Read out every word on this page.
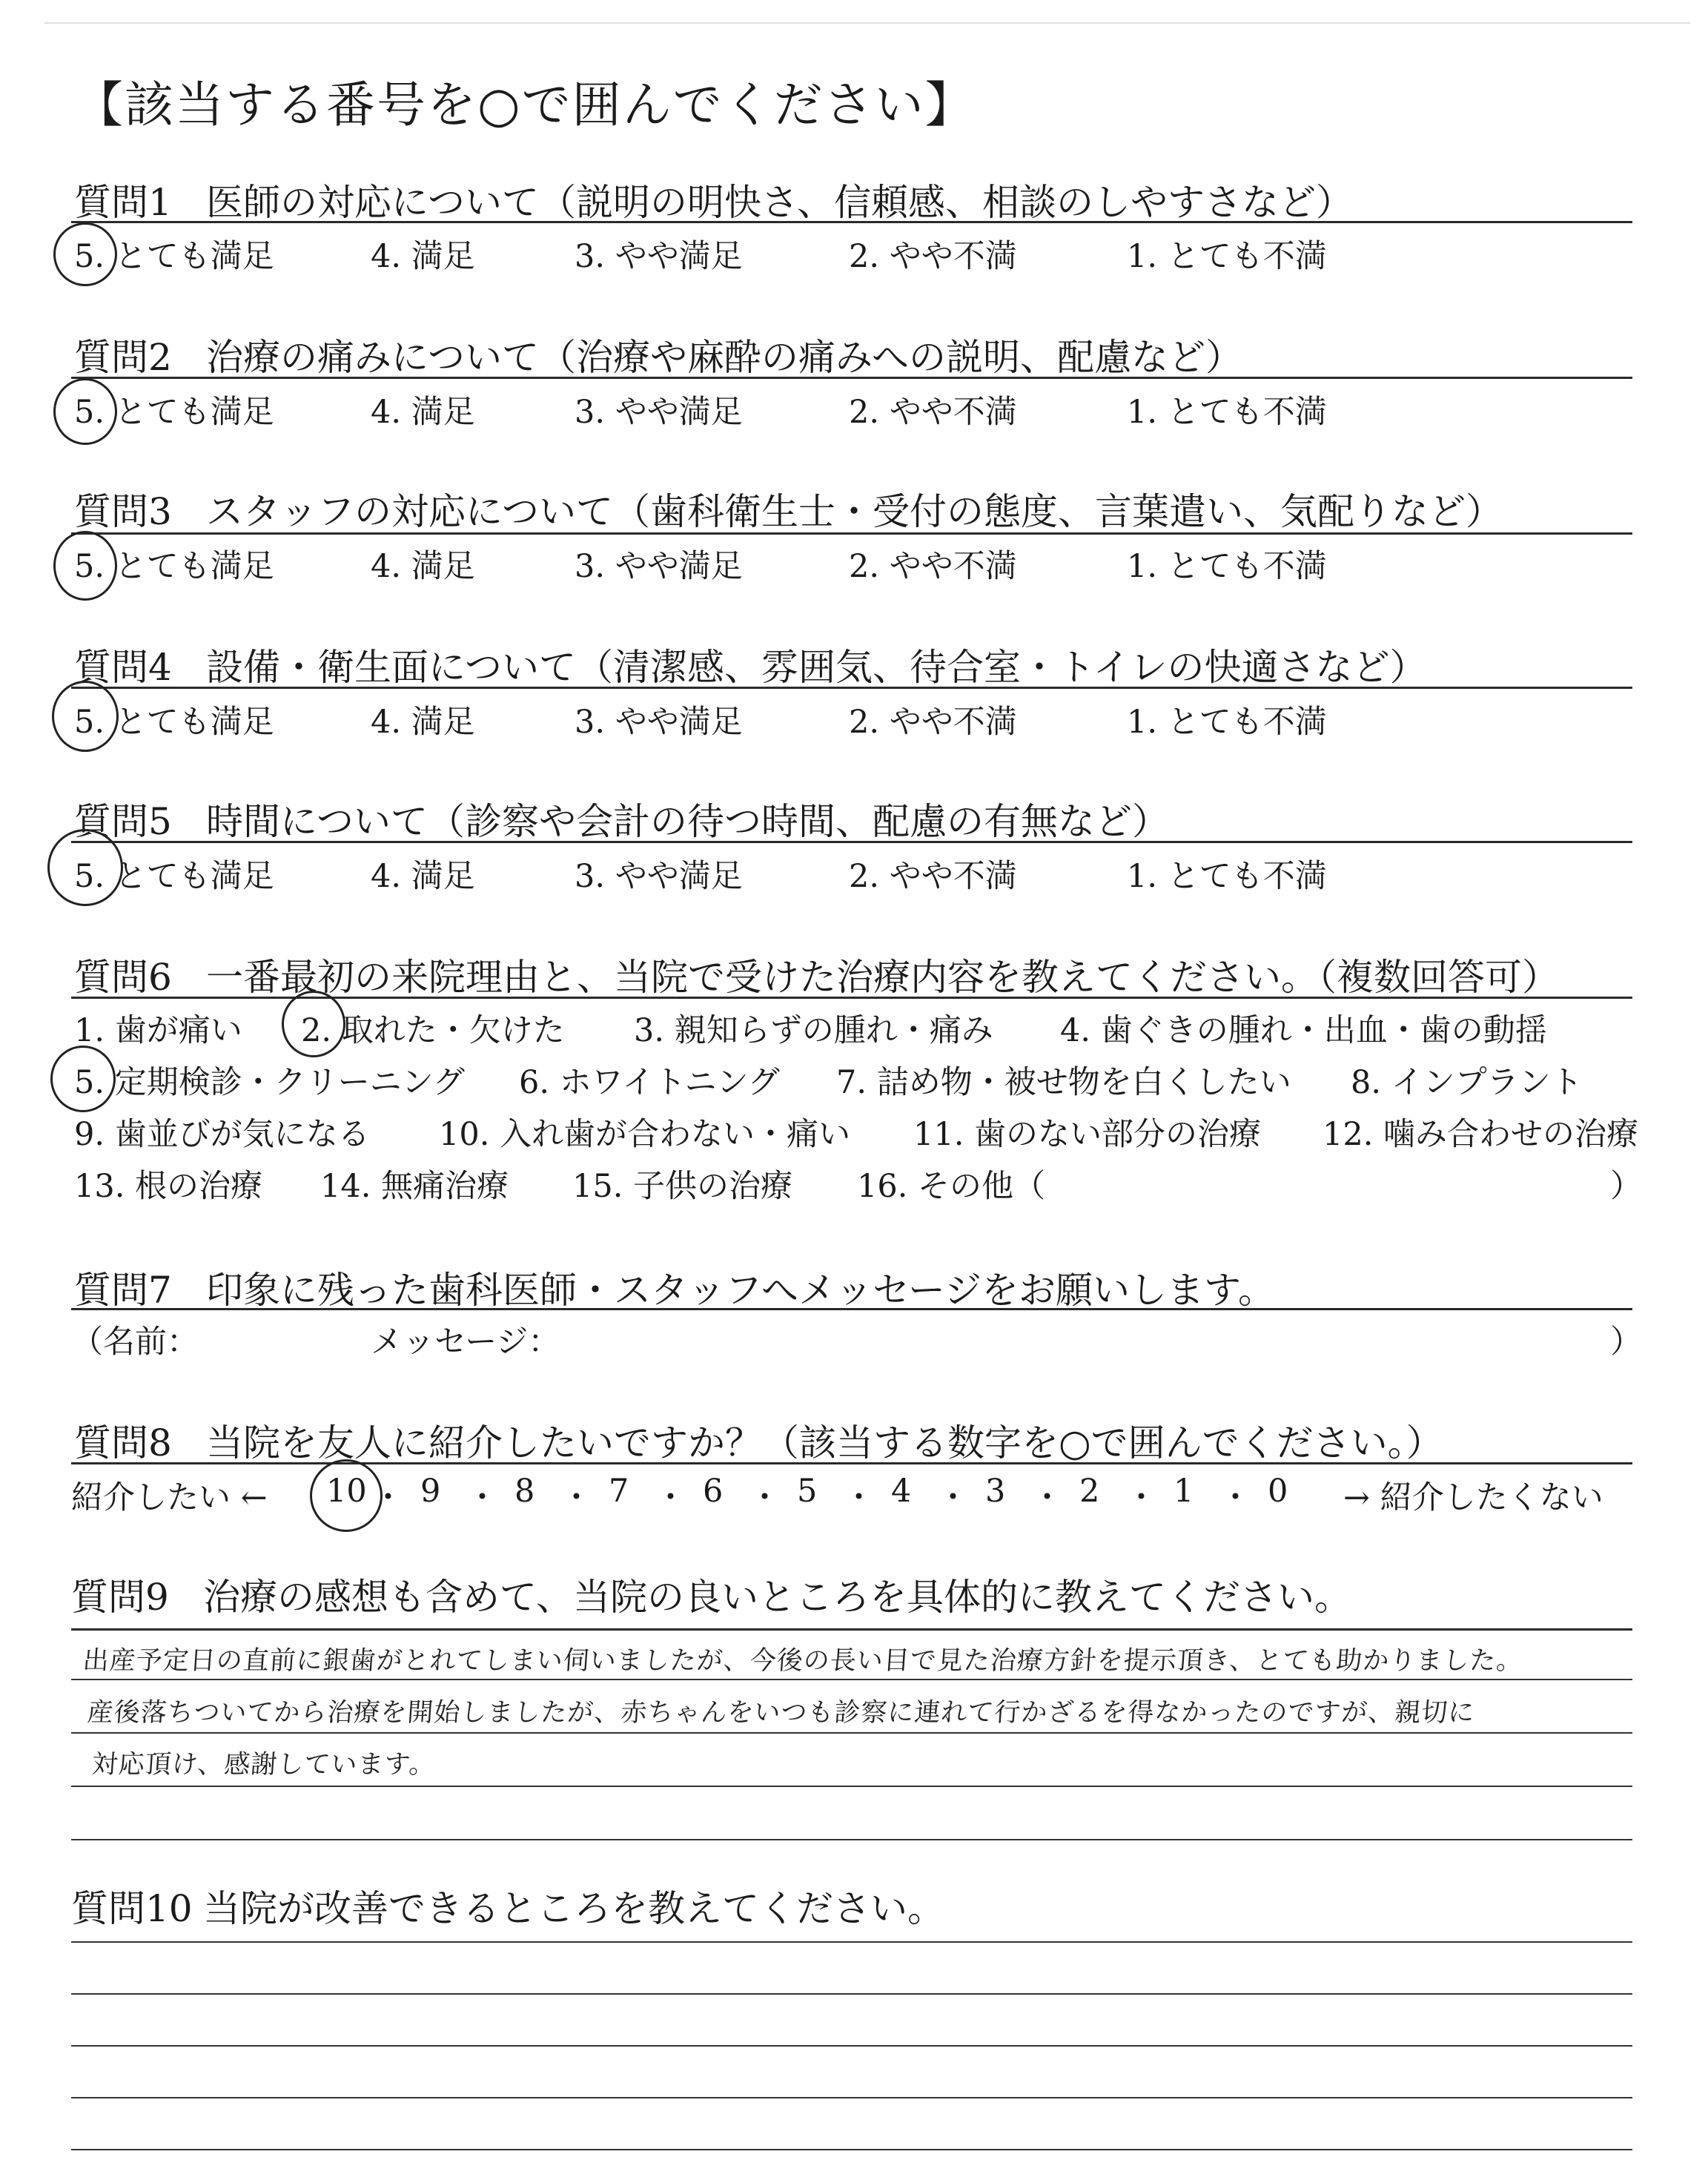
【該当する番号を○で囲んでください】
質問1 医師の対応について（説明の明快さ、信頼感、相談のしやすさなど）
5. とても満足	4. 満足	3. やや満足	2. やや不満	1. とても不満
質問2 治療の痛みについて（治療や麻酔の痛みへの説明、配慮など）
5. とても満足	4. 満足	3. やや満足	2. やや不満	1. とても不満
質問3 スタッフの対応について（歯科衛生士・受付の態度、言葉遣い、気配りなど）
5. とても満足	4. 満足	3. やや満足	2. やや不満	1. とても不満
質問4 設備・衛生面について（清潔感、雰囲気、待合室・トイレの快適さなど）
5. とても満足	4. 満足	3. やや満足	2. やや不満	1. とても不満
質問5 時間について（診察や会計の待つ時間、配慮の有無など）
5. とても満足	4. 満足	3. やや満足	2. やや不満	1. とても不満
質問6 一番最初の来院理由と、当院で受けた治療内容を教えてください。（複数回答可）
1. 歯が痛い 2. 取れた・欠けた 3. 親知らずの腫れ・痛み 4. 歯ぐきの腫れ・出血・歯の動揺
5. 定期検診・クリーニング 6. ホワイトニング 7. 詰め物・被せ物を白くしたい 8. インプラント
9. 歯並びが気になる 10. 入れ歯が合わない・痛い 11. 歯のない部分の治療 12. 噛み合わせの治療
13. 根の治療 14. 無痛治療 15. 子供の治療 16. その他（	）
質問7 印象に残った歯科医師・スタッフへメッセージをお願いします。
（名前：	メッセージ：	）
質問8 当院を友人に紹介したいですか？（該当する数字を○で囲んでください。）
紹介したい ← 10 ・ 9 ・ 8 ・ 7 ・ 6 ・ 5 ・ 4 ・ 3 ・ 2 ・ 1 ・ 0 → 紹介したくない
質問9 治療の感想も含めて、当院の良いところを具体的に教えてください。
出産予定日の直前に銀歯がとれてしまい伺いましたが、今後の長い目で見た治療方針を提示頂き、とても助かりました。
産後落ちついてから治療を開始しましたが、赤ちゃんをいつも診察に連れて行かざるを得なかったのですが、親切に
対応頂け、感謝しています。
質問10 当院が改善できるところを教えてください。
